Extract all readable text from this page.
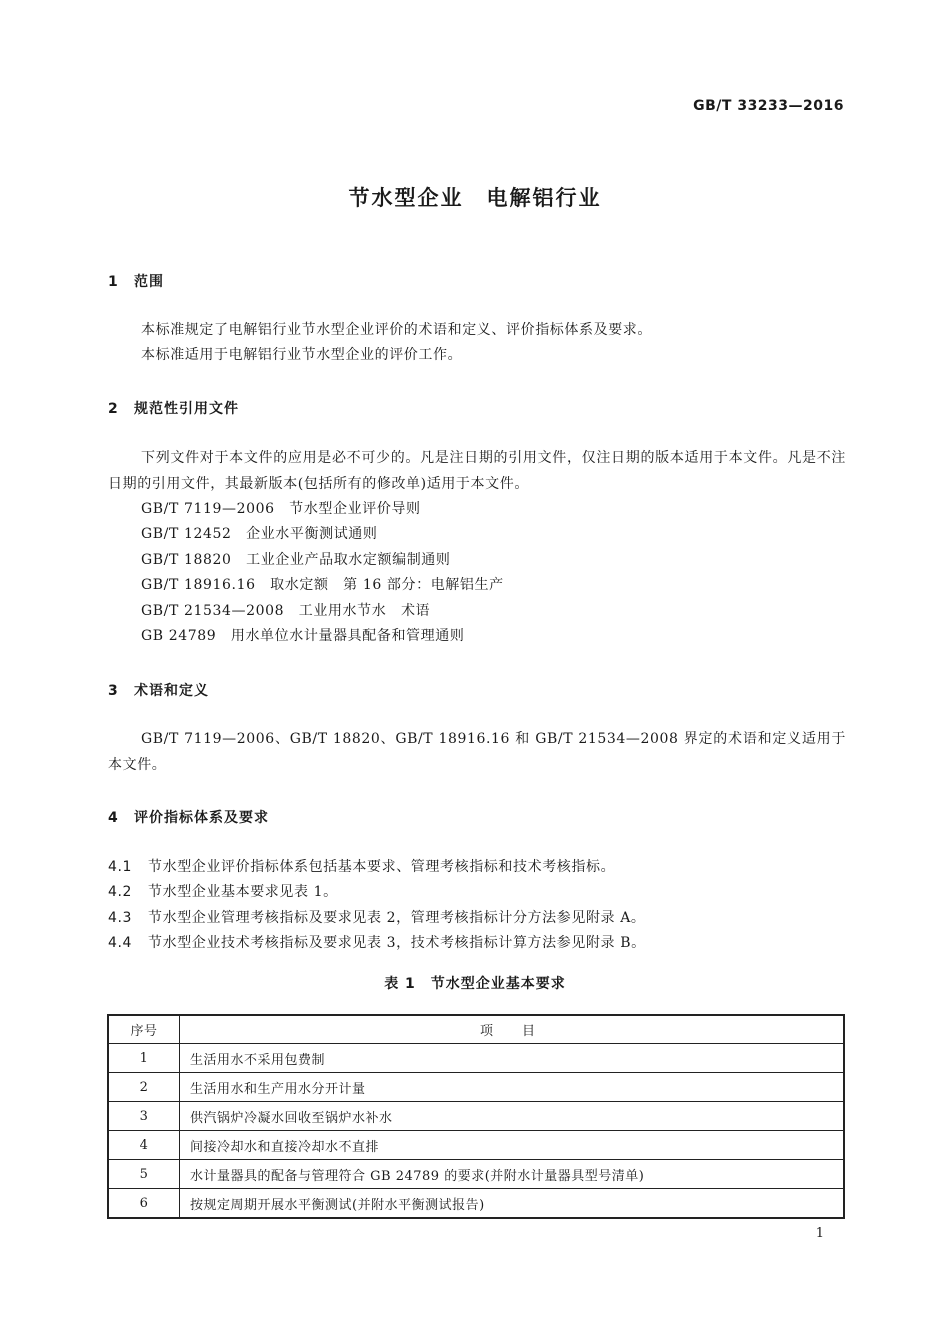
GB/T 33233—2016
节水型企业　电解铝行业
1 范围
本标准规定了电解铝行业节水型企业评价的术语和定义、评价指标体系及要求。
本标准适用于电解铝行业节水型企业的评价工作。
2 规范性引用文件
下列文件对于本文件的应用是必不可少的。凡是注日期的引用文件，仅注日期的版本适用于本文件。凡是不注日期的引用文件，其最新版本(包括所有的修改单)适用于本文件。
GB/T 7119—2006　节水型企业评价导则
GB/T 12452　企业水平衡测试通则
GB/T 18820　工业企业产品取水定额编制通则
GB/T 18916.16　取水定额　第 16 部分：电解铝生产
GB/T 21534—2008　工业用水节水　术语
GB 24789　用水单位水计量器具配备和管理通则
3 术语和定义
GB/T 7119—2006、GB/T 18820、GB/T 18916.16 和 GB/T 21534—2008 界定的术语和定义适用于本文件。
4 评价指标体系及要求
4.1 节水型企业评价指标体系包括基本要求、管理考核指标和技术考核指标。
4.2 节水型企业基本要求见表 1。
4.3 节水型企业管理考核指标及要求见表 2，管理考核指标计分方法参见附录 A。
4.4 节水型企业技术考核指标及要求见表 3，技术考核指标计算方法参见附录 B。
表 1　节水型企业基本要求
序号	项　目
1	生活用水不采用包费制
2	生活用水和生产用水分开计量
3	供汽锅炉冷凝水回收至锅炉水补水
4	间接冷却水和直接冷却水不直排
5	水计量器具的配备与管理符合 GB 24789 的要求(并附水计量器具型号清单)
6	按规定周期开展水平衡测试(并附水平衡测试报告)
1
